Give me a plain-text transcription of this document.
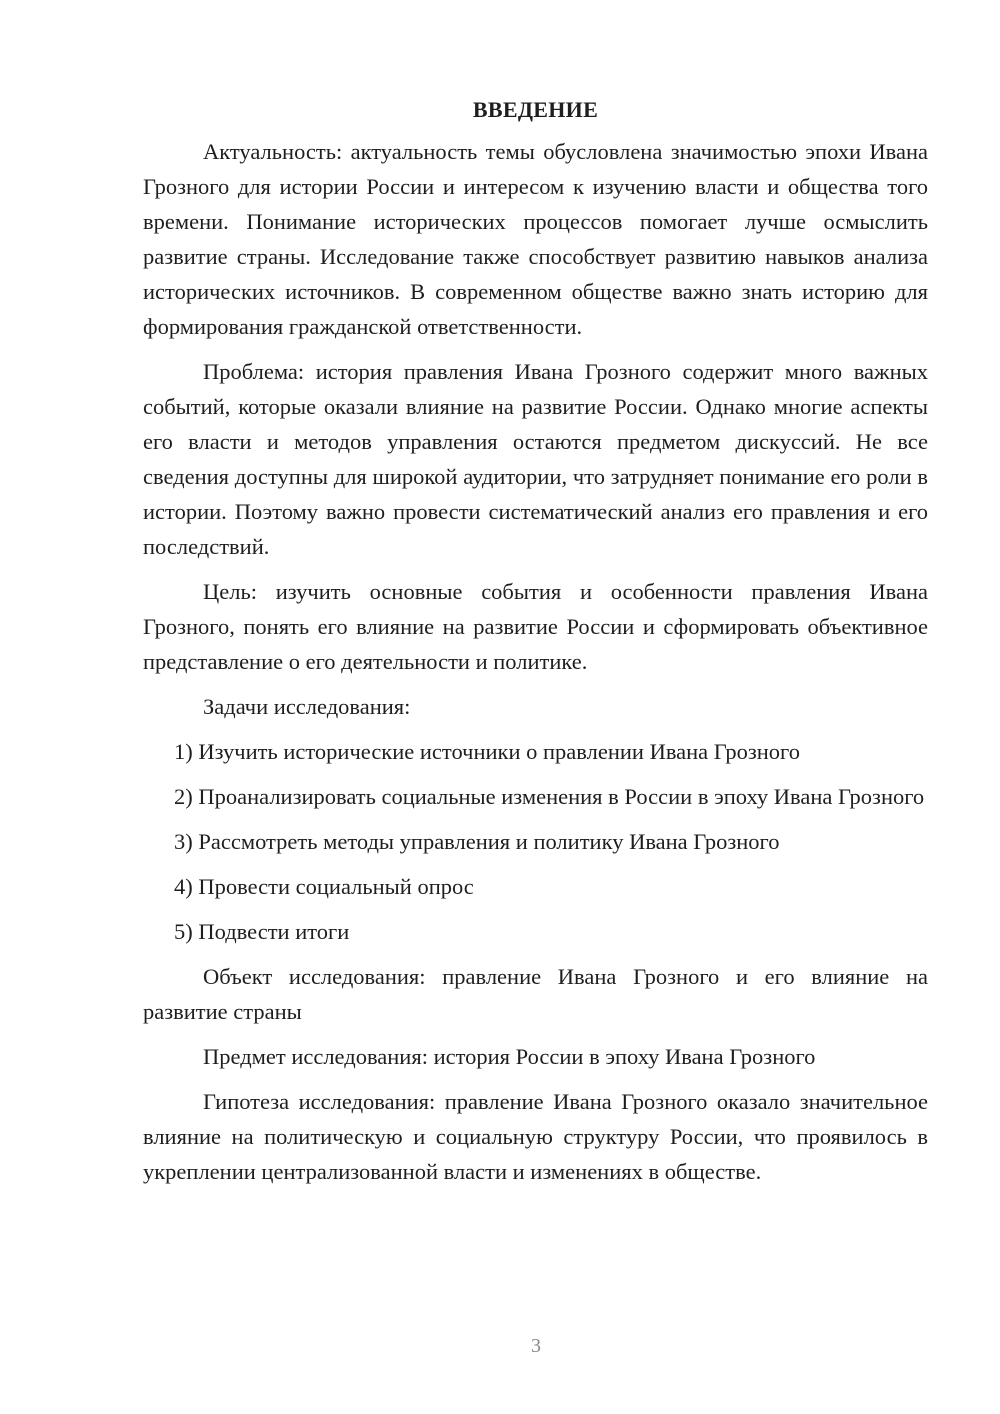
ВВЕДЕНИЕ

Актуальность: актуальность темы обусловлена значимостью эпохи Ивана Грозного для истории России и интересом к изучению власти и общества того времени. Понимание исторических процессов помогает лучше осмыслить развитие страны. Исследование также способствует развитию навыков анализа исторических источников. В современном обществе важно знать историю для формирования гражданской ответственности.

Проблема: история правления Ивана Грозного содержит много важных событий, которые оказали влияние на развитие России. Однако многие аспекты его власти и методов управления остаются предметом дискуссий. Не все сведения доступны для широкой аудитории, что затрудняет понимание его роли в истории. Поэтому важно провести систематический анализ его правления и его последствий.

Цель: изучить основные события и особенности правления Ивана Грозного, понять его влияние на развитие России и сформировать объективное представление о его деятельности и политике.

Задачи исследования:

1) Изучить исторические источники о правлении Ивана Грозного

2) Проанализировать социальные изменения в России в эпоху Ивана Грозного

3) Рассмотреть методы управления и политику Ивана Грозного

4) Провести социальный опрос

5) Подвести итоги

Объект исследования: правление Ивана Грозного и его влияние на развитие страны

Предмет исследования: история России в эпоху Ивана Грозного

Гипотеза исследования: правление Ивана Грозного оказало значительное влияние на политическую и социальную структуру России, что проявилось в укреплении централизованной власти и изменениях в обществе.

3
